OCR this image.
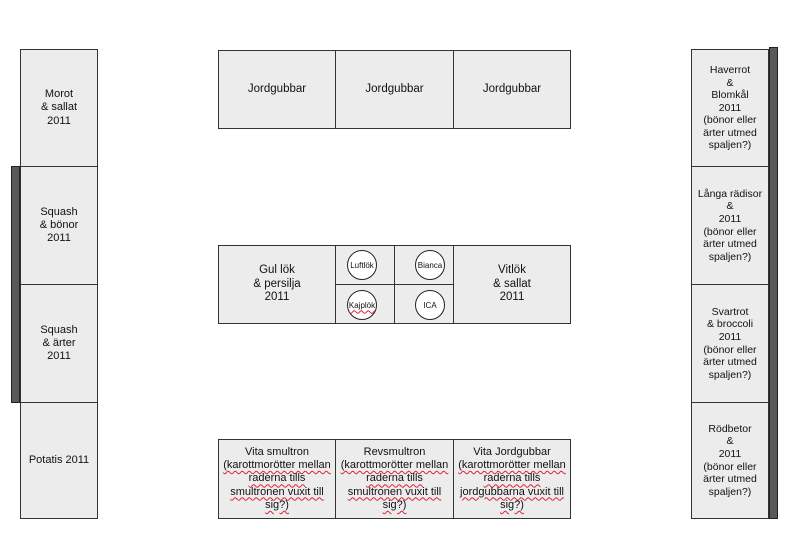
Morot
& sallat
2011
Squash
& bönor
2011
Squash
& ärter
2011
Potatis 2011
Jordgubbar	Jordgubbar	Jordgubbar
Gul lök
& persilja
2011
Vitlök
& sallat
2011
Luftlök	Bianca
Kajplök	ICA
Vita smultron
(karottmorötter mellan raderna tills smultronen vuxit till sig?)
Revsmultron
(karottmorötter mellan raderna tills smultronen vuxit till sig?)
Vita Jordgubbar
(karottmorötter mellan raderna tills jordgubbarna vuxit till sig?)
Haverrot
&
Blomkål
2011
(bönor eller
ärter utmed
spaljen?)
Långa rädisor
&
2011
(bönor eller
ärter utmed
spaljen?)
Svartrot
& broccoli
2011
(bönor eller
ärter utmed
spaljen?)
Rödbetor
&
2011
(bönor eller
ärter utmed
spaljen?)
